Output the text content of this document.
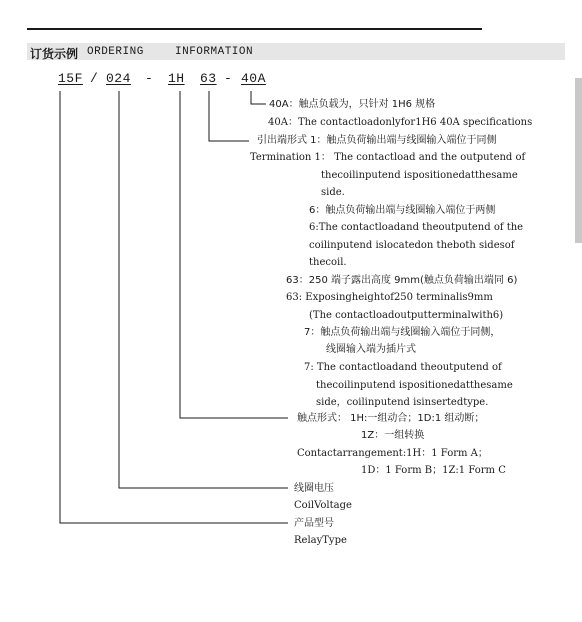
订货示例 ORDERING	INFORMATION
15F / 024 - 1H 63 - 40A
40A：触点负载为，只针对 1H6 规格
40A：The contactloadonlyfor1H6 40A specifications
引出端形式 1：触点负荷输出端与线圈输入端位于同侧
Termination 1： The contactload and the outputend of
thecoilinputend ispositionedatthesame
side.
6：触点负荷输出端与线圈输入端位于两侧
6:The contactloadand theoutputend of the
coilinputend islocatedon theboth sidesof
thecoil.
63：250 端子露出高度 9mm(触点负荷输出端同 6)
63: Exposingheightof250 terminalis9mm
(The contactloadoutputterminalwith6)
7：触点负荷输出端与线圈输入端位于同侧，
线圈输入端为插片式
7: The contactloadand theoutputend of
thecoilinputend ispositionedatthesame
side，coilinputend isinsertedtype.
触点形式： 1H:一组动合；1D:1 组动断；
1Z：一组转换
Contactarrangement:1H：1 Form A；
1D：1 Form B；1Z:1 Form C
线圈电压
CoilVoltage
产品型号
RelayType
